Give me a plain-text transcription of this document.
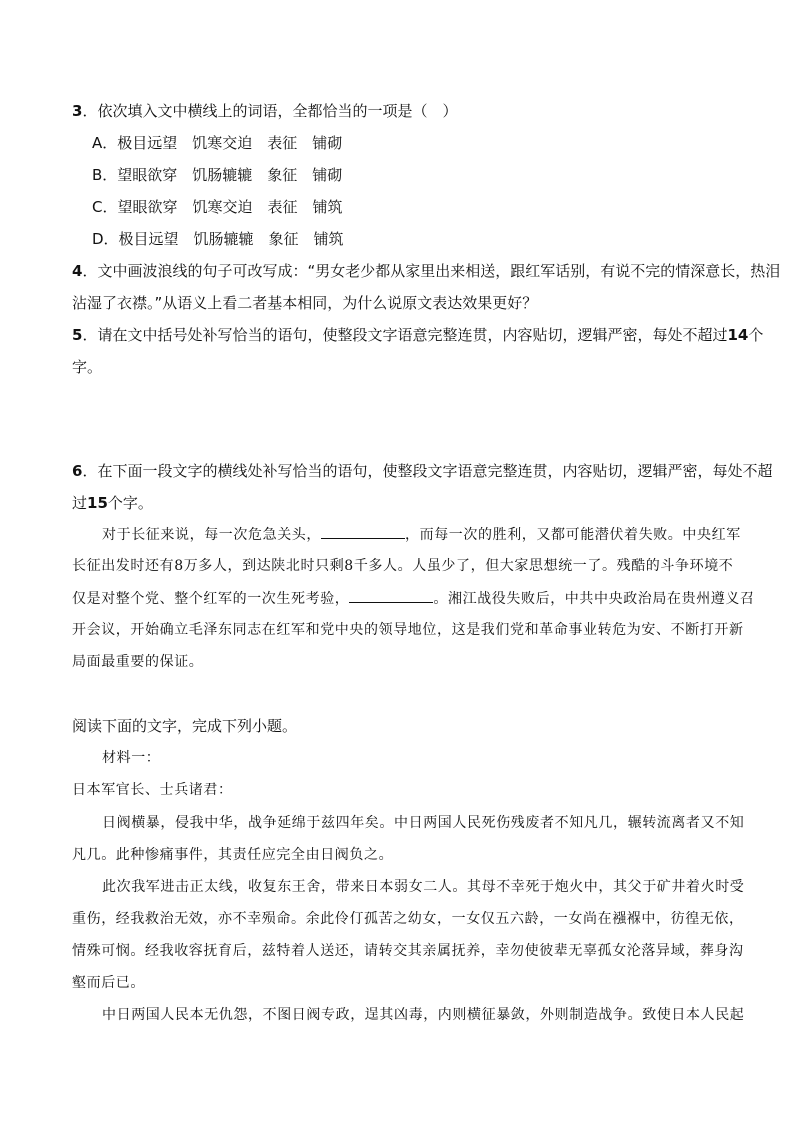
3．依次填入文中横线上的词语，全都恰当的一项是（　）
A．极目远望　饥寒交迫　表征　铺砌
B．望眼欲穿　饥肠辘辘　象征　铺砌
C．望眼欲穿　饥寒交迫　表征　铺筑
D．极目远望　饥肠辘辘　象征　铺筑
4．文中画波浪线的句子可改写成：“男女老少都从家里出来相送，跟红军话别，有说不完的情深意长，热泪
沾湿了衣襟。”从语义上看二者基本相同，为什么说原文表达效果更好？
5．请在文中括号处补写恰当的语句，使整段文字语意完整连贯，内容贴切，逻辑严密，每处不超过14个
字。
6．在下面一段文字的横线处补写恰当的语句，使整段文字语意完整连贯，内容贴切，逻辑严密，每处不超
过15个字。
对于长征来说，每一次危急关头，	，而每一次的胜利，又都可能潜伏着失败。中央红军
长征出发时还有8万多人，到达陕北时只剩8千多人。人虽少了，但大家思想统一了。残酷的斗争环境不
仅是对整个党、整个红军的一次生死考验，	。湘江战役失败后，中共中央政治局在贵州遵义召
开会议，开始确立毛泽东同志在红军和党中央的领导地位，这是我们党和革命事业转危为安、不断打开新
局面最重要的保证。
阅读下面的文字，完成下列小题。
材料一：
日本军官长、士兵诸君：
日阀横暴，侵我中华，战争延绵于兹四年矣。中日两国人民死伤残废者不知凡几，辗转流离者又不知
凡几。此种惨痛事件，其责任应完全由日阀负之。
此次我军进击正太线，收复东王舍，带来日本弱女二人。其母不幸死于炮火中，其父于矿井着火时受
重伤，经我救治无效，亦不幸殒命。余此伶仃孤苦之幼女，一女仅五六龄，一女尚在襁褓中，彷徨无依，
情殊可悯。经我收容抚育后，兹特着人送还，请转交其亲属抚养，幸勿使彼辈无辜孤女沦落异域，葬身沟
壑而后已。
中日两国人民本无仇怨，不图日阀专政，逞其凶毒，内则横征暴敛，外则制造战争。致使日本人民起
